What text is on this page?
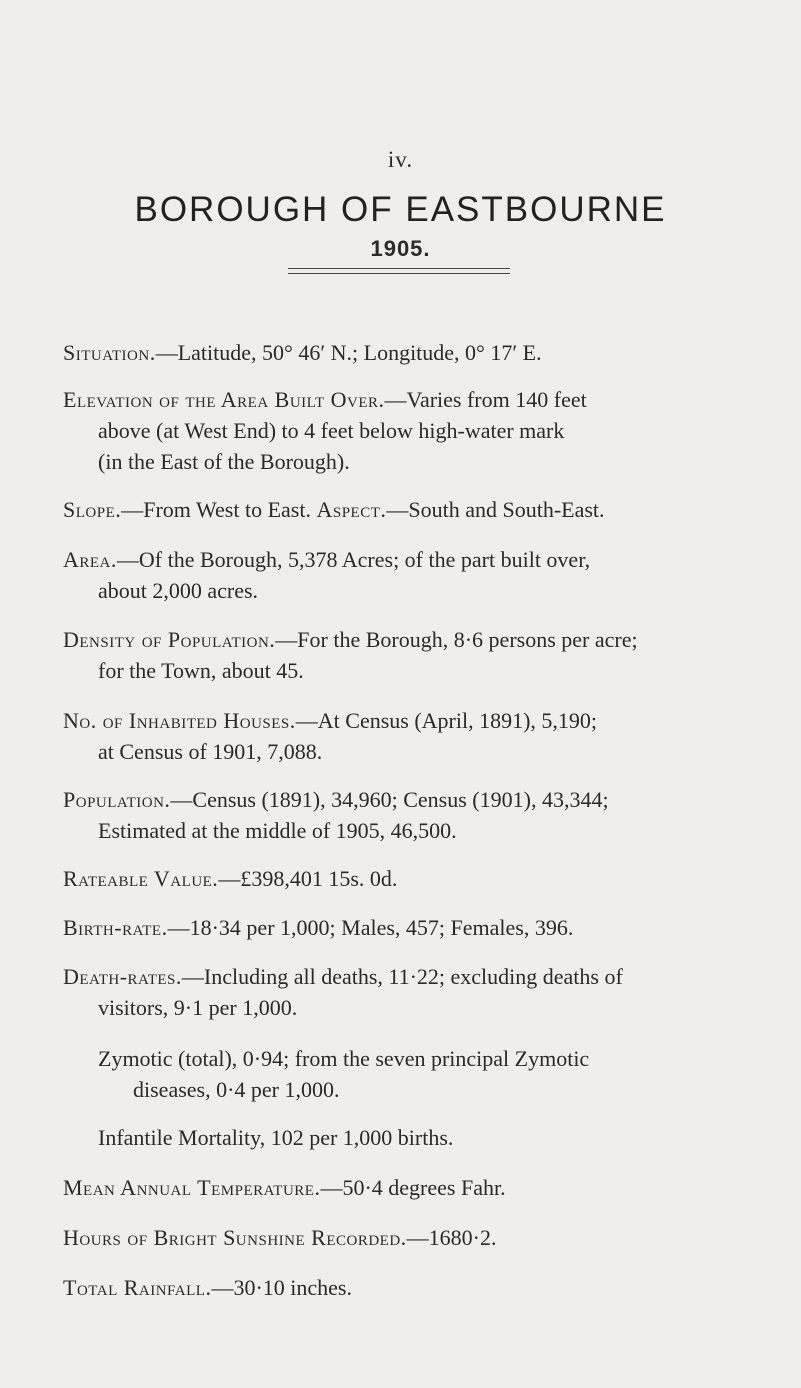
iv.
BOROUGH OF EASTBOURNE
1905.
Situation.—Latitude, 50° 46′ N.; Longitude, 0° 17′ E.
Elevation of the Area Built Over.—Varies from 140 feet
above (at West End) to 4 feet below high-water mark
(in the East of the Borough).
Slope.—From West to East. Aspect.—South and South-East.
Area.—Of the Borough, 5,378 Acres; of the part built over,
about 2,000 acres.
Density of Population.—For the Borough, 8·6 persons per acre;
for the Town, about 45.
No. of Inhabited Houses.—At Census (April, 1891), 5,190;
at Census of 1901, 7,088.
Population.—Census (1891), 34,960; Census (1901), 43,344;
Estimated at the middle of 1905, 46,500.
Rateable Value.—£398,401 15s. 0d.
Birth-rate.—18·34 per 1,000; Males, 457; Females, 396.
Death-rates.—Including all deaths, 11·22; excluding deaths of
visitors, 9·1 per 1,000.
Zymotic (total), 0·94; from the seven principal Zymotic
diseases, 0·4 per 1,000.
Infantile Mortality, 102 per 1,000 births.
Mean Annual Temperature.—50·4 degrees Fahr.
Hours of Bright Sunshine Recorded.—1680·2.
Total Rainfall.—30·10 inches.
